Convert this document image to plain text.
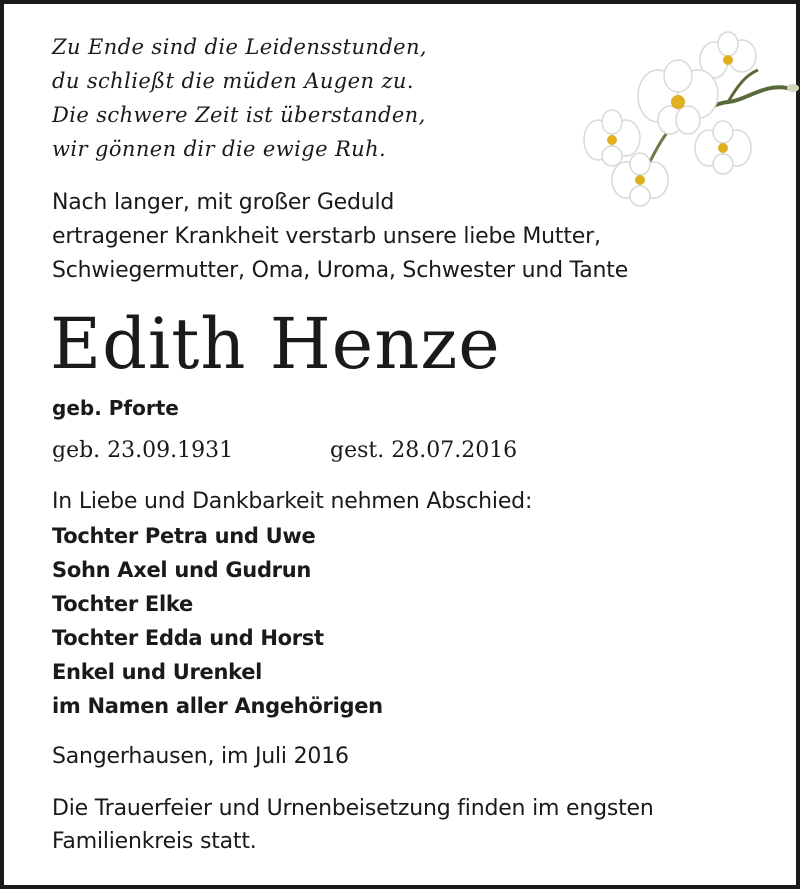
Zu Ende sind die Leidensstunden,
du schließt die müden Augen zu.
Die schwere Zeit ist überstanden,
wir gönnen dir die ewige Ruh.
Nach langer, mit großer Geduld
ertragener Krankheit verstarb unsere liebe Mutter,
Schwiegermutter, Oma, Uroma, Schwester und Tante
Edith Henze
geb. Pforte
geb. 23.09.1931	gest. 28.07.2016
In Liebe und Dankbarkeit nehmen Abschied:
Tochter Petra und Uwe
Sohn Axel und Gudrun
Tochter Elke
Tochter Edda und Horst
Enkel und Urenkel
im Namen aller Angehörigen
Sangerhausen, im Juli 2016
Die Trauerfeier und Urnenbeisetzung finden im engsten
Familienkreis statt.
